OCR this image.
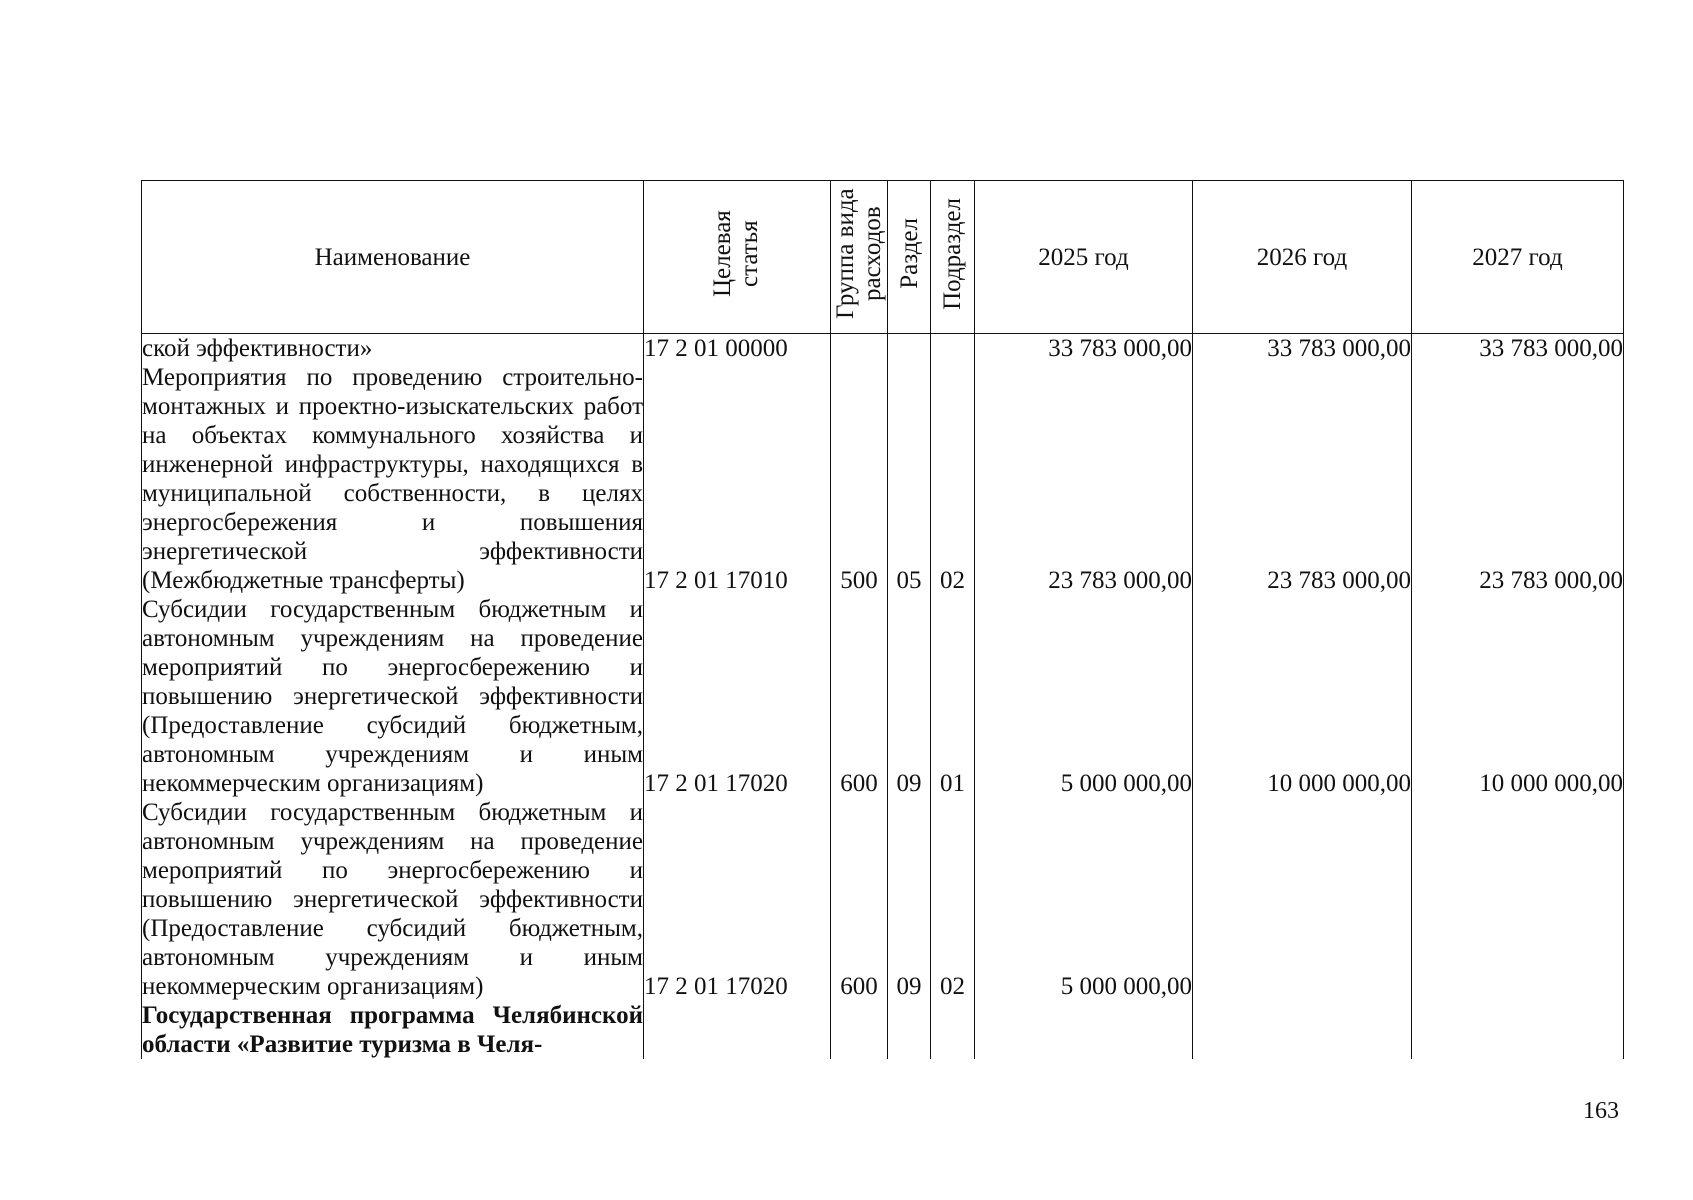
Наименование	Целевая статья	Группа вида расходов	Раздел	Подраздел	2025 год	2026 год	2027 год
ской эффективности»	17 2 01 00000				33 783 000,00	33 783 000,00	33 783 000,00
Мероприятия по проведению строительно-монтажных и проектно-изыскательских работ на объектах коммунального хозяйства и инженерной инфраструктуры, находящихся в муниципальной собственности, в целях энергосбережения и повышения энергетической эффективности (Межбюджетные трансферты)	17 2 01 17010	500	05	02	23 783 000,00	23 783 000,00	23 783 000,00
Субсидии государственным бюджетным и автономным учреждениям на проведение мероприятий по энергосбережению и повышению энергетической эффективности (Предоставление субсидий бюджетным, автономным учреждениям и иным некоммерческим организациям)	17 2 01 17020	600	09	01	5 000 000,00	10 000 000,00	10 000 000,00
Субсидии государственным бюджетным и автономным учреждениям на проведение мероприятий по энергосбережению и повышению энергетической эффективности (Предоставление субсидий бюджетным, автономным учреждениям и иным некоммерческим организациям)	17 2 01 17020	600	09	02	5 000 000,00		
Государственная программа Челябинской области «Развитие туризма в Челя-							
163
